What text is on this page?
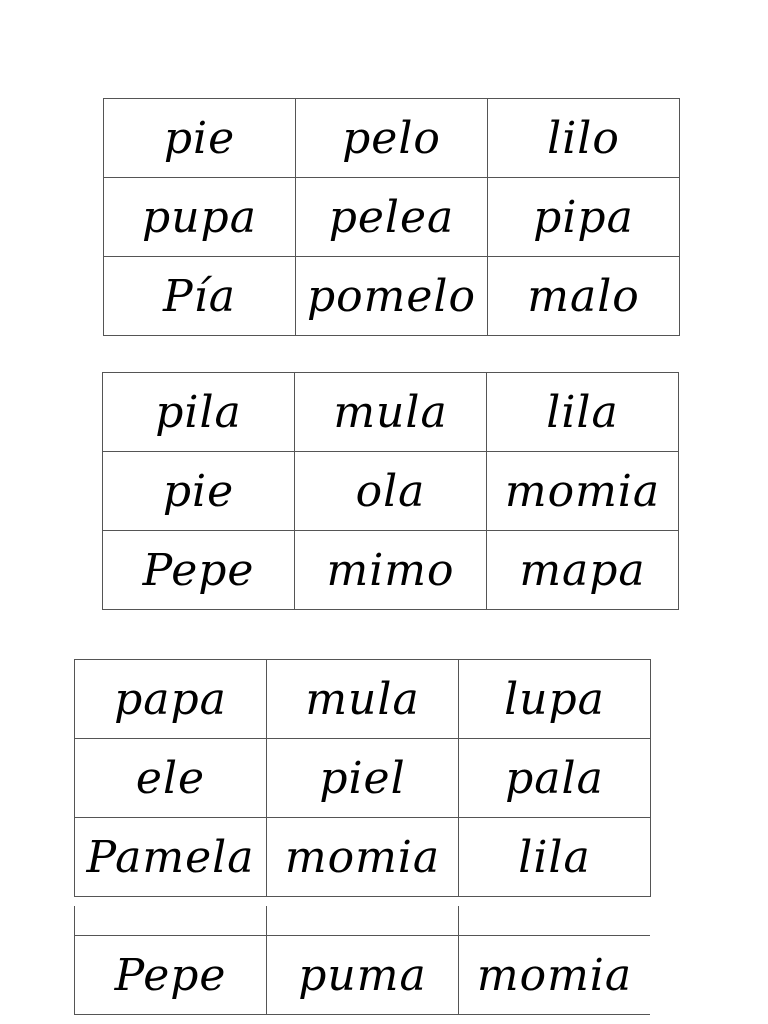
pie	pelo	lilo
pupa	pelea	pipa
Pía	pomelo	malo
pila	mula	lila
pie	ola	momia
Pepe	mimo	mapa
papa	mula	lupa
ele	piel	pala
Pamela	momia	lila

Pepe	puma	momia
